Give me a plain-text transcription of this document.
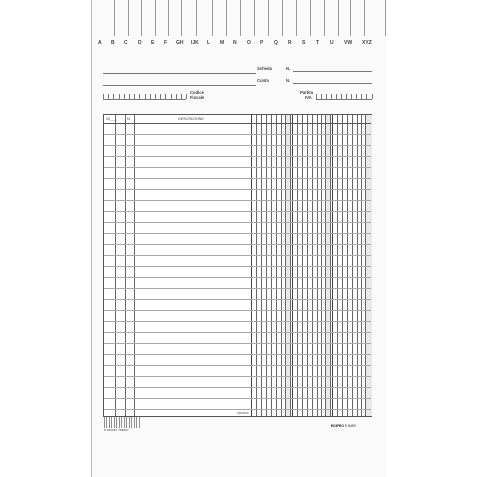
A B C D E F GH IJK L M N O P Q R S T U VW XYZ
Scheda	N.
Conto	N.
Codice
Fiscale
Partita
IVA
20___	N.	DESCRIZIONE
riporture
8 020252 786897
EDIPRO E 5490
